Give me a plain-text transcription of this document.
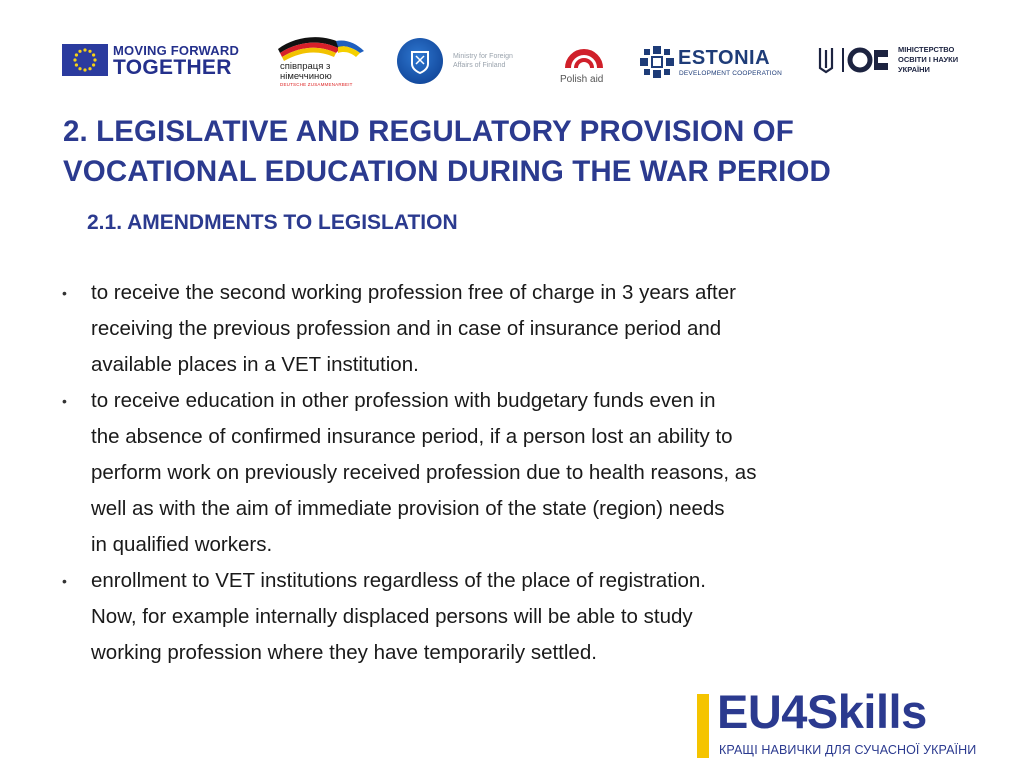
MOVING FORWARD
TOGETHER	співпраця з
німеччиною
DEUTSCHE ZUSAMMENARBEIT
Ministry for Foreign
Affairs of Finland
Polish aid
ESTONIA
DEVELOPMENT COOPERATION
МІНІСТЕРСТВО
ОСВІТИ І НАУКИ
УКРАЇНИ
2. LEGISLATIVE AND REGULATORY PROVISION OF
VOCATIONAL EDUCATION DURING THE WAR PERIOD
2.1. AMENDMENTS TO LEGISLATION
• to receive the second working profession free of charge in 3 years after
receiving the previous profession and in case of insurance period and
available places in a VET institution.
• to receive education in other profession with budgetary funds even in
the absence of confirmed insurance period, if a person lost an ability to
perform work on previously received profession due to health reasons, as
well as with the aim of immediate provision of the state (region) needs
in qualified workers.
• enrollment to VET institutions regardless of the place of registration.
Now, for example internally displaced persons will be able to study
working profession where they have temporarily settled.
EU4Skills
КРАЩІ НАВИЧКИ ДЛЯ СУЧАСНОЇ УКРАЇНИ
